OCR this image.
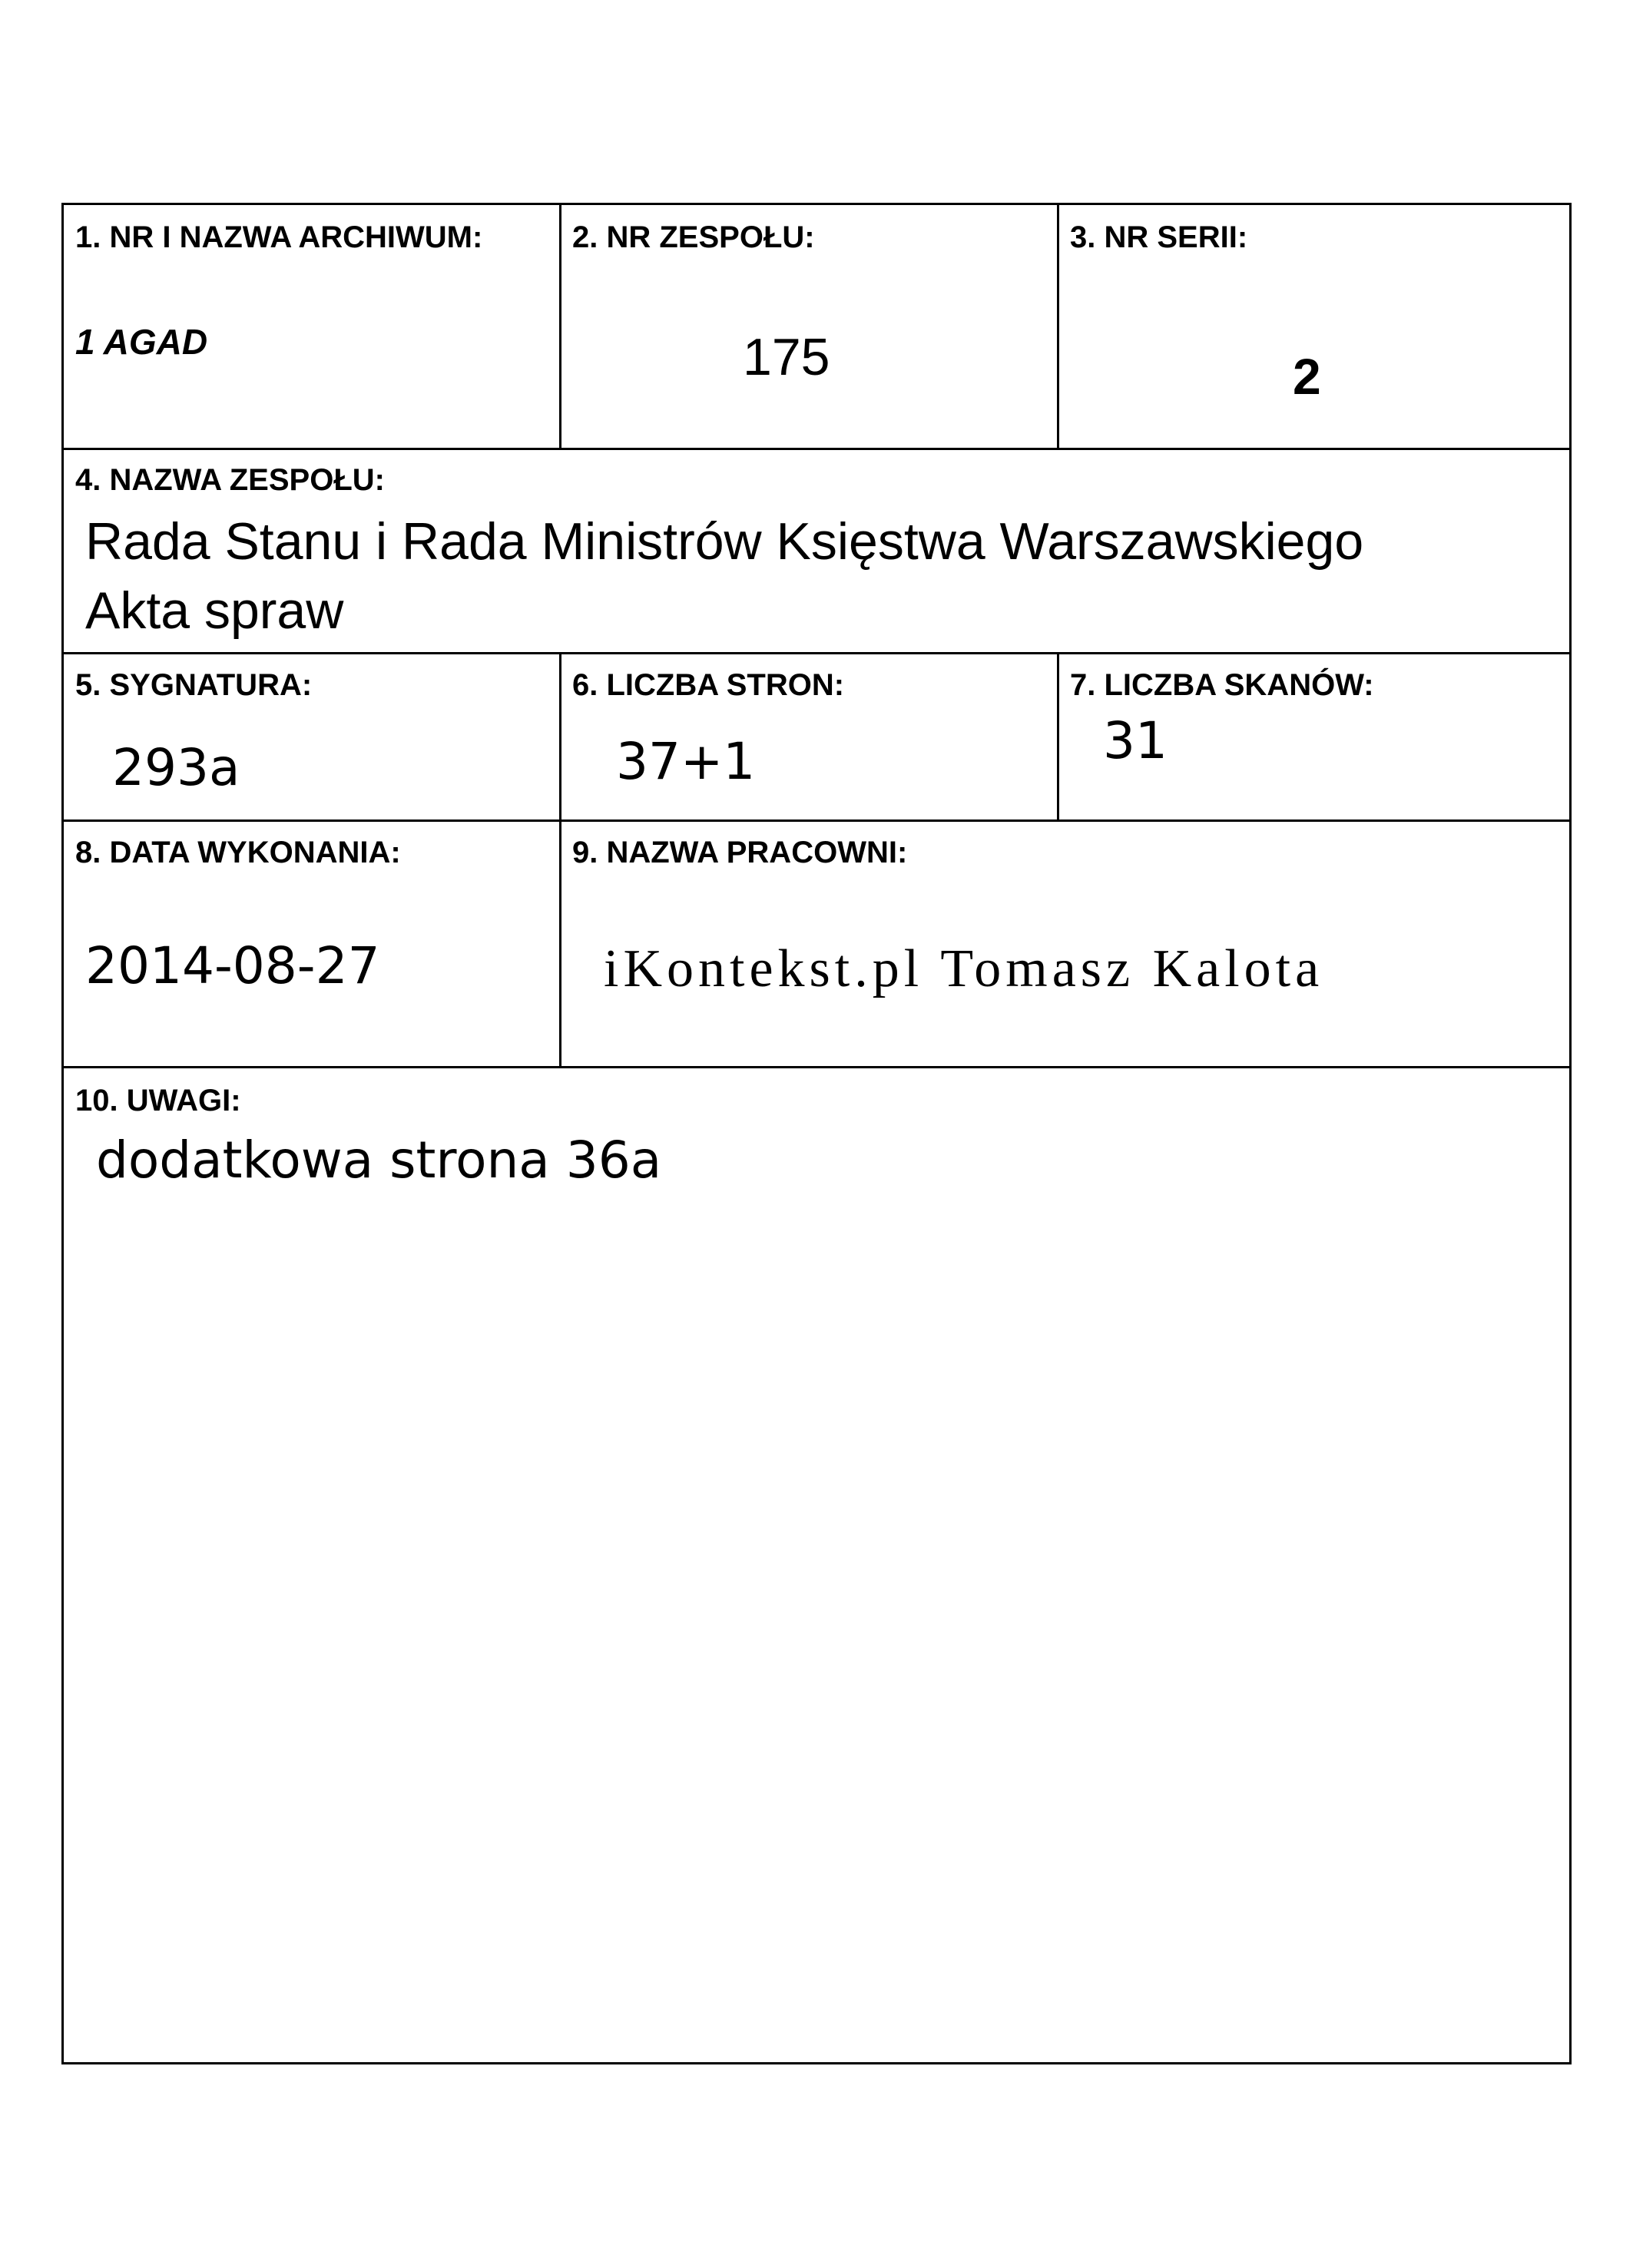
1. NR I NAZWA ARCHIWUM:
1 AGAD
2. NR ZESPOŁU:
175
3. NR SERII:
2
4. NAZWA ZESPOŁU:
Rada Stanu i Rada Ministrów Księstwa Warszawskiego
Akta spraw
5. SYGNATURA:
293a
6. LICZBA STRON:
37+1
7. LICZBA SKANÓW:
31
8. DATA WYKONANIA:
2014-08-27
9. NAZWA PRACOWNI:
iKontekst.pl Tomasz Kalota
10. UWAGI:
dodatkowa strona 36a
